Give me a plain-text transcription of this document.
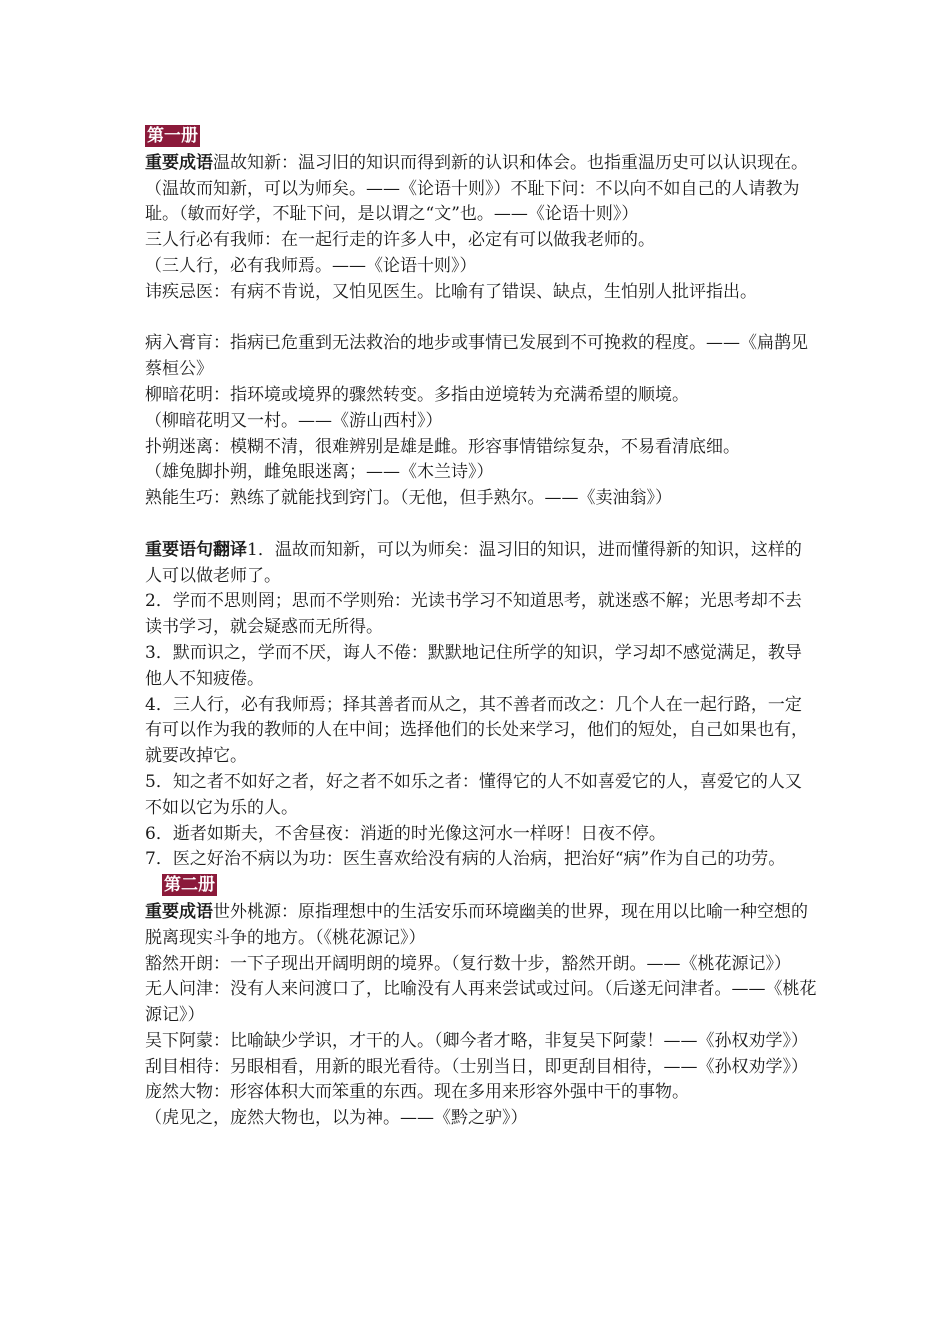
第一册

重要成语温故知新：温习旧的知识而得到新的认识和体会。也指重温历史可以认识现在。　（温故而知新，可以为师矣。——《论语十则》）不耻下问：不以向不如自己的人请教为耻。（敏而好学，不耻下问，是以谓之“文”也。——《论语十则》）

三人行必有我师：在一起行走的许多人中，必定有可以做我老师的。

（三人行，必有我师焉。——《论语十则》）

讳疾忌医：有病不肯说，又怕见医生。比喻有了错误、缺点，生怕别人批评指出。

病入膏肓：指病已危重到无法救治的地步或事情已发展到不可挽救的程度。——《扁鹊见蔡桓公》

柳暗花明：指环境或境界的骤然转变。多指由逆境转为充满希望的顺境。

（柳暗花明又一村。——《游山西村》）

扑朔迷离：模糊不清，很难辨别是雄是雌。形容事情错综复杂，不易看清底细。

（雄兔脚扑朔，雌兔眼迷离；——《木兰诗》）

熟能生巧：熟练了就能找到窍门。（无他，但手熟尔。——《卖油翁》）

重要语句翻译1．温故而知新，可以为师矣：温习旧的知识，进而懂得新的知识，这样的人可以做老师了。

2．学而不思则罔；思而不学则殆：光读书学习不知道思考，就迷惑不解；光思考却不去读书学习，就会疑惑而无所得。

3．默而识之，学而不厌，诲人不倦：默默地记住所学的知识，学习却不感觉满足，教导他人不知疲倦。

4．三人行，必有我师焉；择其善者而从之，其不善者而改之：几个人在一起行路，一定有可以作为我的教师的人在中间；选择他们的长处来学习，他们的短处，自己如果也有，就要改掉它。

5．知之者不如好之者，好之者不如乐之者：懂得它的人不如喜爱它的人，喜爱它的人又不如以它为乐的人。

6．逝者如斯夫，不舍昼夜：消逝的时光像这河水一样呀！日夜不停。

7．医之好治不病以为功：医生喜欢给没有病的人治病，把治好“病”作为自己的功劳。

第二册

重要成语世外桃源：原指理想中的生活安乐而环境幽美的世界，现在用以比喻一种空想的脱离现实斗争的地方。（《桃花源记》）

豁然开朗：一下子现出开阔明朗的境界。（复行数十步，豁然开朗。——《桃花源记》）

无人问津：没有人来问渡口了，比喻没有人再来尝试或过问。（后遂无问津者。——《桃花源记》）

吴下阿蒙：比喻缺少学识，才干的人。（卿今者才略，非复吴下阿蒙！——《孙权劝学》）

刮目相待：另眼相看，用新的眼光看待。（士别当日，即更刮目相待，——《孙权劝学》）

庞然大物：形容体积大而笨重的东西。现在多用来形容外强中干的事物。

（虎见之，庞然大物也，以为神。——《黔之驴》）
